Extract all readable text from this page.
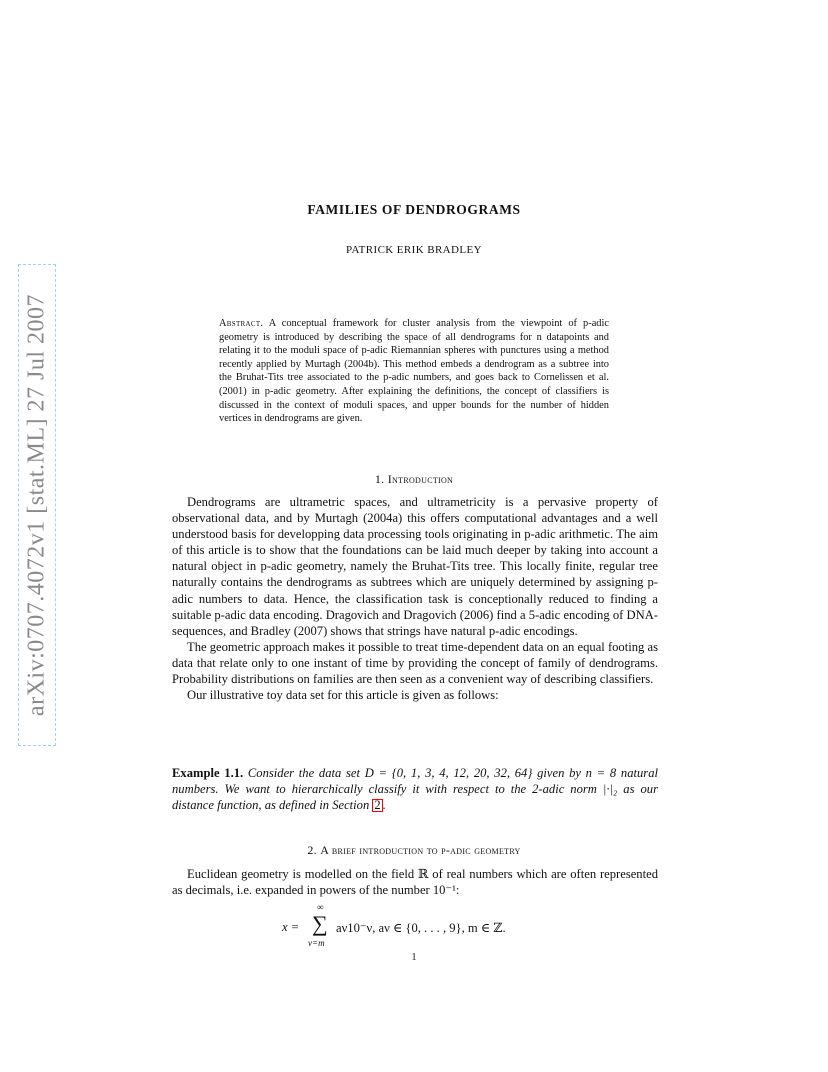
arXiv:0707.4072v1 [stat.ML] 27 Jul 2007
FAMILIES OF DENDROGRAMS
PATRICK ERIK BRADLEY
Abstract. A conceptual framework for cluster analysis from the viewpoint of p-adic geometry is introduced by describing the space of all dendrograms for n datapoints and relating it to the moduli space of p-adic Riemannian spheres with punctures using a method recently applied by Murtagh (2004b). This method embeds a dendrogram as a subtree into the Bruhat-Tits tree associated to the p-adic numbers, and goes back to Cornelissen et al. (2001) in p-adic geometry. After explaining the definitions, the concept of classifiers is discussed in the context of moduli spaces, and upper bounds for the number of hidden vertices in dendrograms are given.
1. Introduction

Dendrograms are ultrametric spaces, and ultrametricity is a pervasive property of observational data, and by Murtagh (2004a) this offers computational advantages and a well understood basis for developping data processing tools originating in p-adic arithmetic. The aim of this article is to show that the foundations can be laid much deeper by taking into account a natural object in p-adic geometry, namely the Bruhat-Tits tree. This locally finite, regular tree naturally contains the dendrograms as subtrees which are uniquely determined by assigning p-adic numbers to data. Hence, the classification task is conceptionally reduced to finding a suitable p-adic data encoding. Dragovich and Dragovich (2006) find a 5-adic encoding of DNA-sequences, and Bradley (2007) shows that strings have natural p-adic encodings.

The geometric approach makes it possible to treat time-dependent data on an equal footing as data that relate only to one instant of time by providing the concept of family of dendrograms. Probability distributions on families are then seen as a convenient way of describing classifiers.

Our illustrative toy data set for this article is given as follows:

Example 1.1. Consider the data set D = {0, 1, 3, 4, 12, 20, 32, 64} given by n = 8 natural numbers. We want to hierarchically classify it with respect to the 2-adic norm |·|₂ as our distance function, as defined in Section 2 .
2. A brief introduction to p-adic geometry

Euclidean geometry is modelled on the field ℝ of real numbers which are often represented as decimals, i.e. expanded in powers of the number 10⁻¹:

x =
∞
∑
ν=m
aν10⁻ν, aν ∈ {0, . . . , 9}, m ∈ ℤ.
1
